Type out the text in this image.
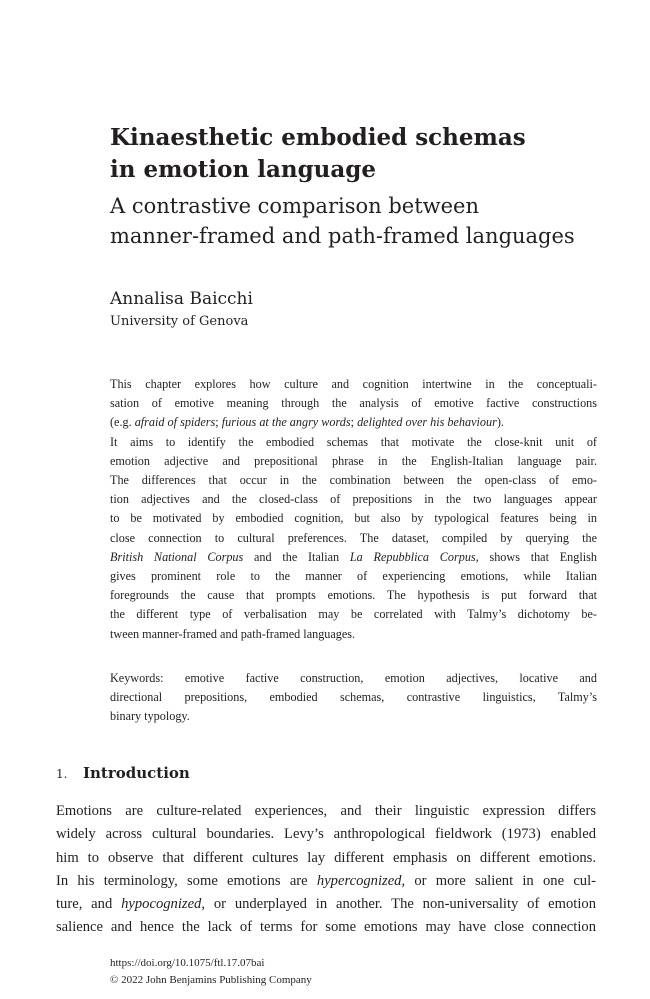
Kinaesthetic embodied schemas
in emotion language
A contrastive comparison between
manner-framed and path-framed languages
Annalisa Baicchi
University of Genova

This chapter explores how culture and cognition intertwine in the conceptuali-
sation of emotive meaning through the analysis of emotive factive constructions
(e.g. afraid of spiders; furious at the angry words; delighted over his behaviour).
It aims to identify the embodied schemas that motivate the close-knit unit of
emotion adjective and prepositional phrase in the English-Italian language pair.
The differences that occur in the combination between the open-class of emo-
tion adjectives and the closed-class of prepositions in the two languages appear
to be motivated by embodied cognition, but also by typological features being in
close connection to cultural preferences. The dataset, compiled by querying the
British National Corpus and the Italian La Repubblica Corpus, shows that English
gives prominent role to the manner of experiencing emotions, while Italian
foregrounds the cause that prompts emotions. The hypothesis is put forward that
the different type of verbalisation may be correlated with Talmy’s dichotomy be-
tween manner-framed and path-framed languages.

Keywords: emotive factive construction, emotion adjectives, locative and
directional prepositions, embodied schemas, contrastive linguistics, Talmy’s
binary typology.

1. Introduction

Emotions are culture-related experiences, and their linguistic expression differs
widely across cultural boundaries. Levy’s anthropological fieldwork (1973) enabled
him to observe that different cultures lay different emphasis on different emotions.
In his terminology, some emotions are hypercognized, or more salient in one cul-
ture, and hypocognized, or underplayed in another. The non-universality of emotion
salience and hence the lack of terms for some emotions may have close connection

https://doi.org/10.1075/ftl.17.07bai
© 2022 John Benjamins Publishing Company
